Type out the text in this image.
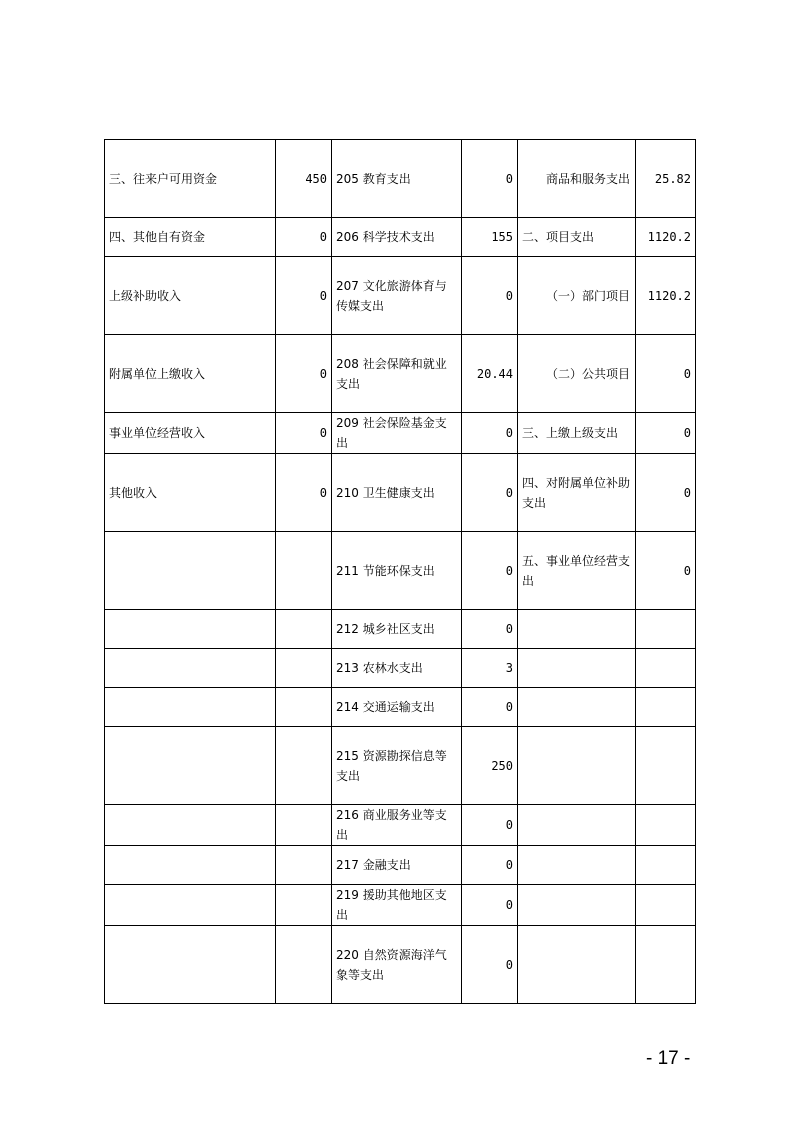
三、往来户可用资金	450	205 教育支出	0	商品和服务支出	25.82
四、其他自有资金	0	206 科学技术支出	155	二、项目支出	1120.2
上级补助收入	0	207 文化旅游体育与传媒支出	0	（一）部门项目	1120.2
附属单位上缴收入	0	208 社会保障和就业支出	20.44	（二）公共项目	0
事业单位经营收入	0	209 社会保险基金支出	0	三、上缴上级支出	0
其他收入	0	210 卫生健康支出	0	四、对附属单位补助支出	0
		211 节能环保支出	0	五、事业单位经营支出	0
		212 城乡社区支出	0		
		213 农林水支出	3		
		214 交通运输支出	0		
		215 资源勘探信息等支出	250		
		216 商业服务业等支出	0		
		217 金融支出	0		
		219 援助其他地区支出	0		
		220 自然资源海洋气象等支出	0		
- 17 -
